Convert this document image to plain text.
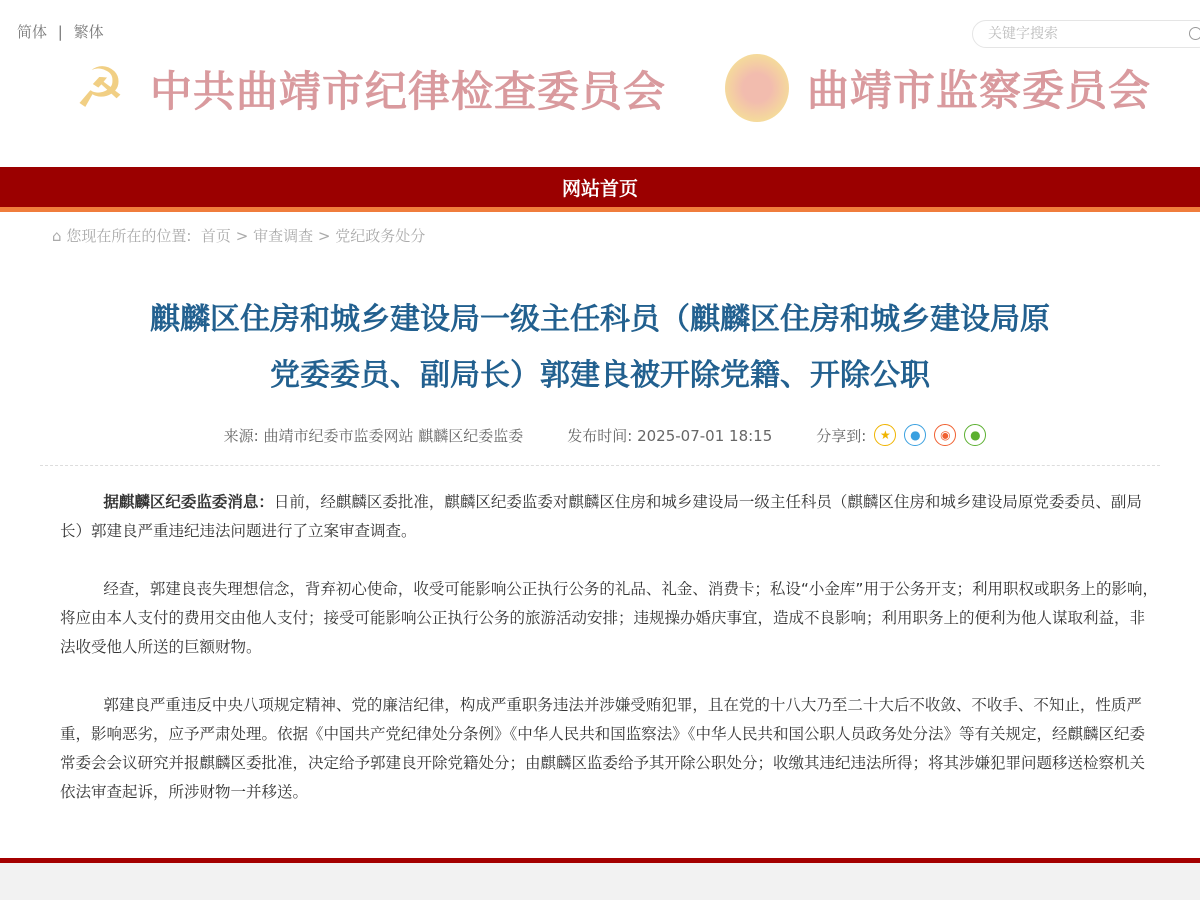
简体 | 繁体	关键字搜索
☭ 中共曲靖市纪律检查委员会	曲靖市监察委员会
网站首页
⌂ 您现在所在的位置: 首页 > 审查调查 > 党纪政务处分
麒麟区住房和城乡建设局一级主任科员（麒麟区住房和城乡建设局原
党委委员、副局长）郭建良被开除党籍、开除公职
来源: 曲靖市纪委市监委网站 麒麟区纪委监委	发布时间: 2025-07-01 18:15	分享到:	★	●	◉	●

据麒麟区纪委监委消息：日前，经麒麟区委批准，麒麟区纪委监委对麒麟区住房和城乡建设局一级主任科员（麒麟区住房和城乡建设局原党委委员、副局长）郭建良严重违纪违法问题进行了立案审查调查。

经查，郭建良丧失理想信念，背弃初心使命，收受可能影响公正执行公务的礼品、礼金、消费卡；私设“小金库”用于公务开支；利用职权或职务上的影响，将应由本人支付的费用交由他人支付；接受可能影响公正执行公务的旅游活动安排；违规操办婚庆事宜，造成不良影响；利用职务上的便利为他人谋取利益，非法收受他人所送的巨额财物。

郭建良严重违反中央八项规定精神、党的廉洁纪律，构成严重职务违法并涉嫌受贿犯罪，且在党的十八大乃至二十大后不收敛、不收手、不知止，性质严重，影响恶劣，应予严肃处理。依据《中国共产党纪律处分条例》《中华人民共和国监察法》《中华人民共和国公职人员政务处分法》等有关规定，经麒麟区纪委常委会会议研究并报麒麟区委批准，决定给予郭建良开除党籍处分；由麒麟区监委给予其开除公职处分；收缴其违纪违法所得；将其涉嫌犯罪问题移送检察机关依法审查起诉，所涉财物一并移送。
